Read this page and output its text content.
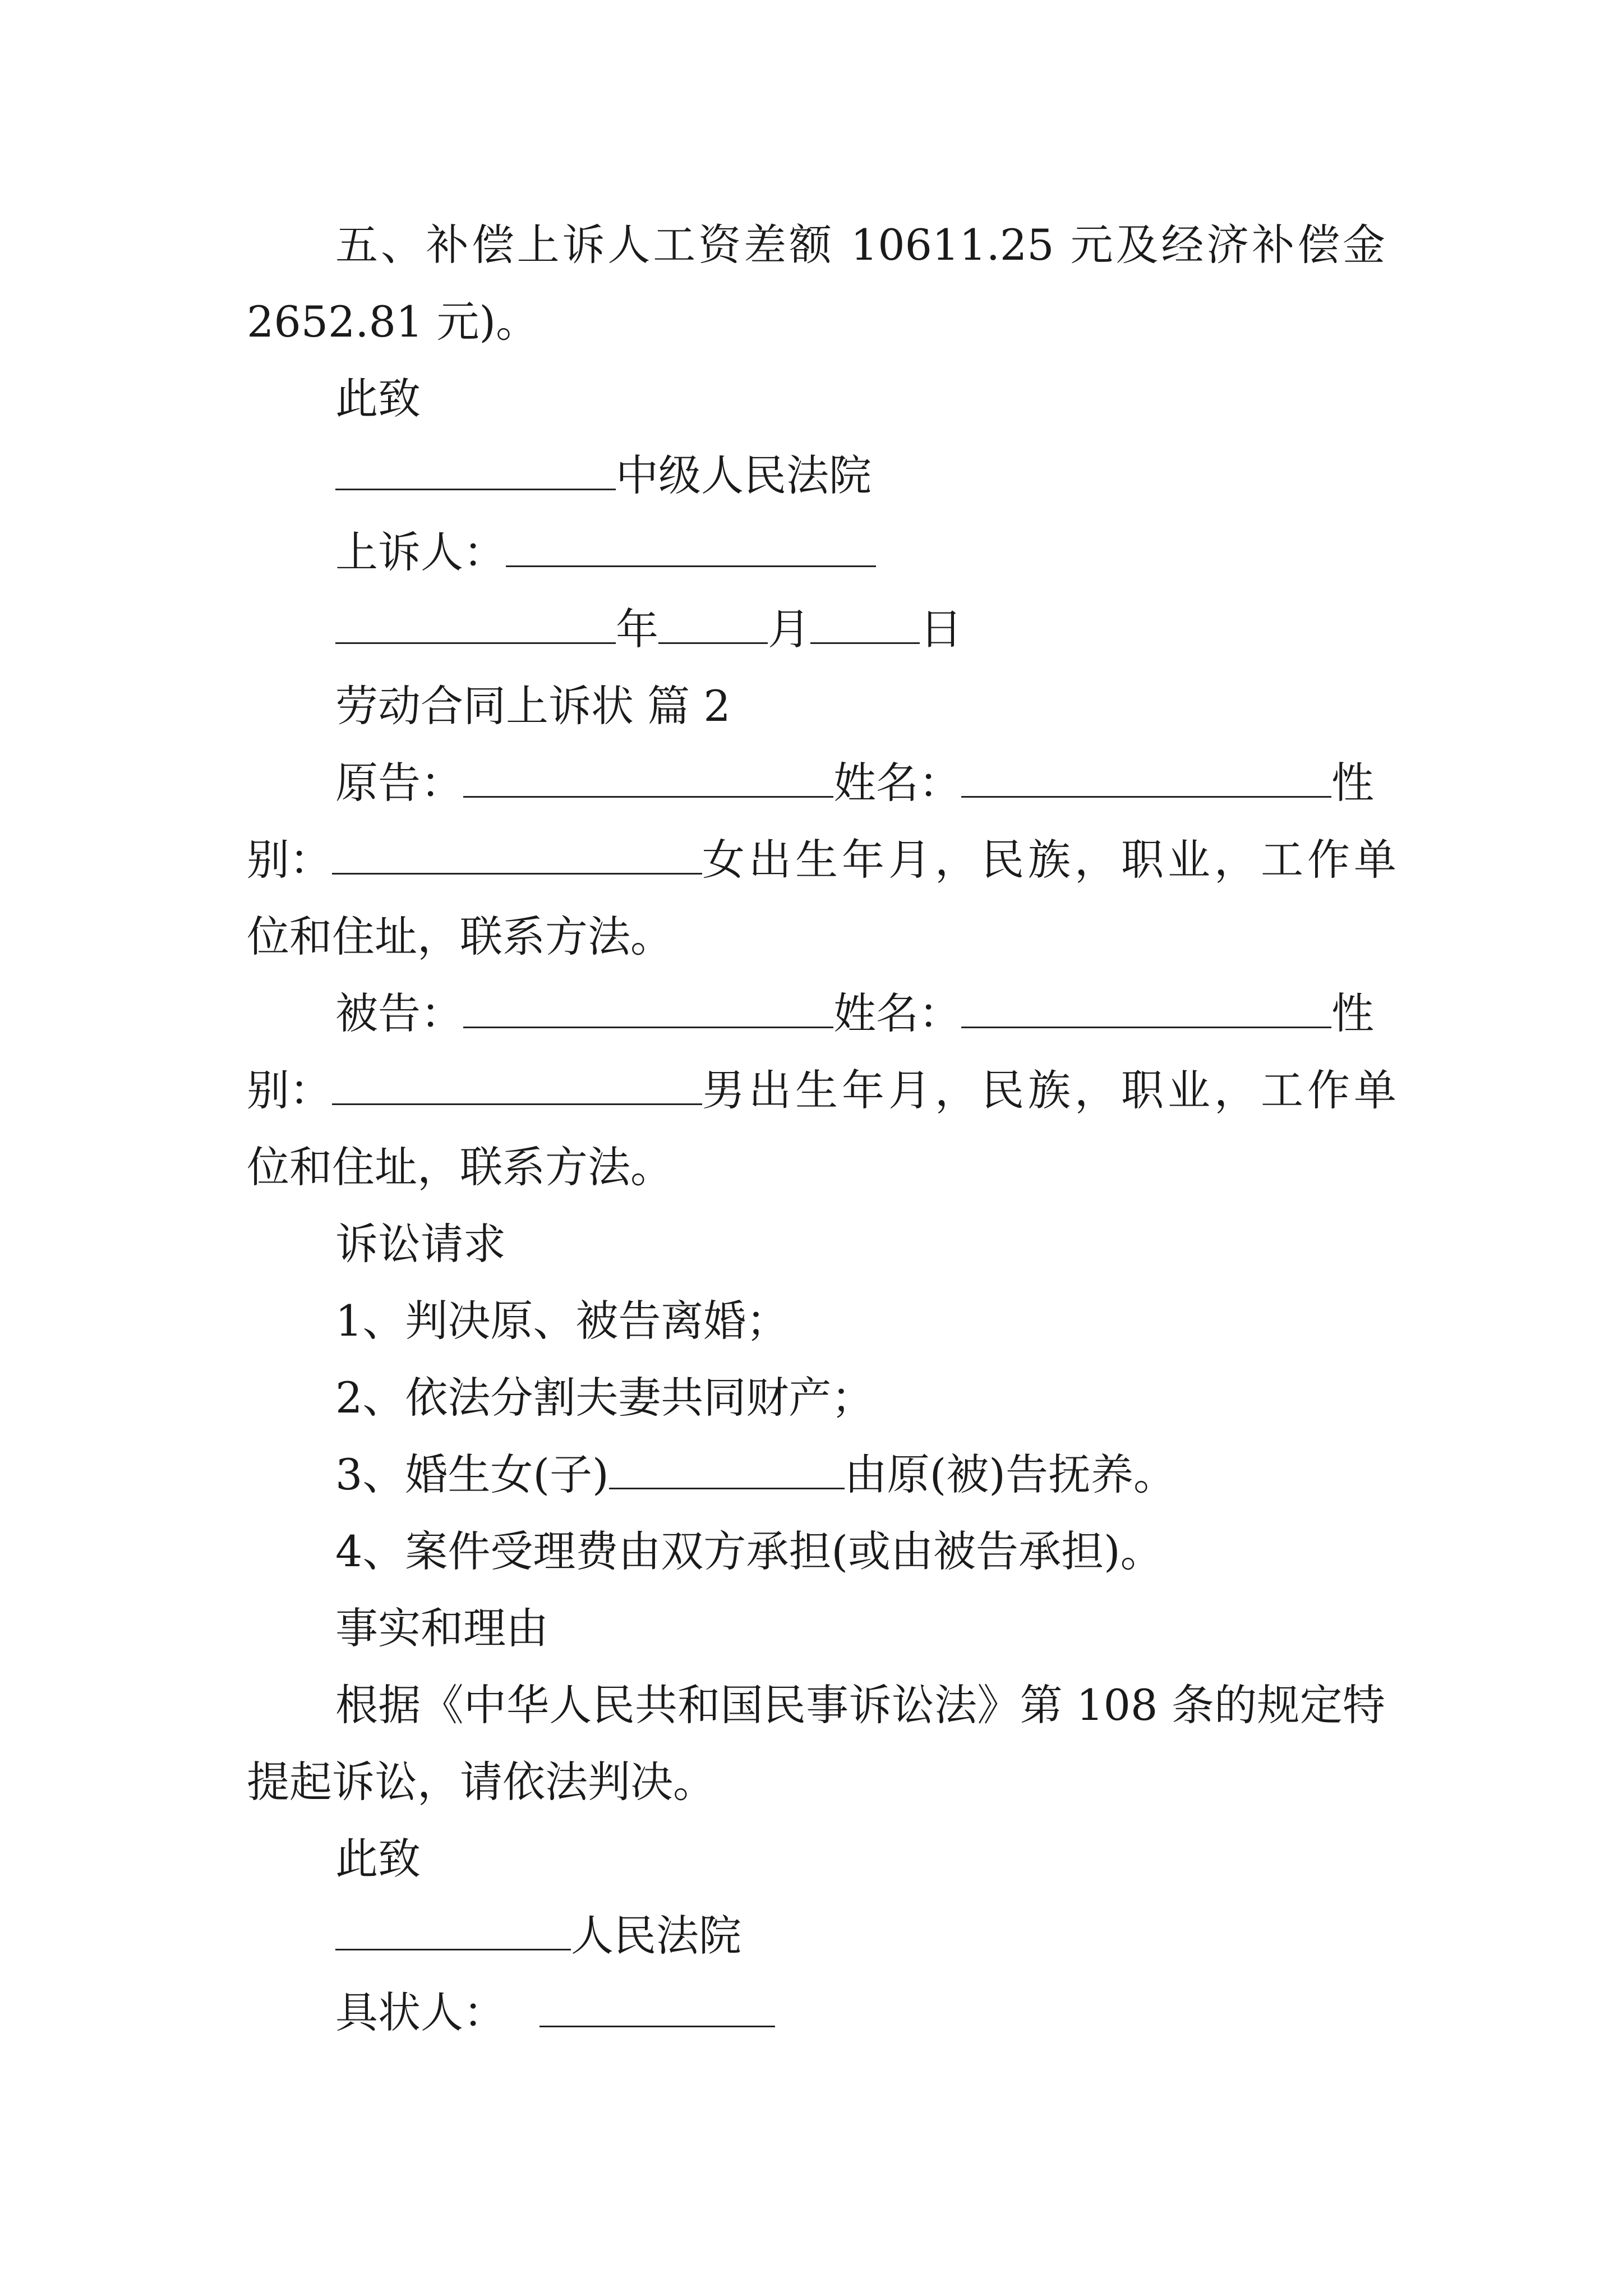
五、补偿上诉人工资差额 10611.25 元及经济补偿金
2652.81 元)。
此致
中级人民法院
上诉人：
年	月	日
劳动合同上诉状 篇 2
原告：	姓名：	性
别：	女出生年月，民族，职业，工作单
位和住址，联系方法。
被告：	姓名：	性
别：	男出生年月，民族，职业，工作单
位和住址，联系方法。
诉讼请求
1、判决原、被告离婚；
2、依法分割夫妻共同财产；
3、婚生女(子)	由原(被)告抚养。
4、案件受理费由双方承担(或由被告承担)。
事实和理由
根据《中华人民共和国民事诉讼法》第 108 条的规定特
提起诉讼，请依法判决。
此致
人民法院
具状人：
